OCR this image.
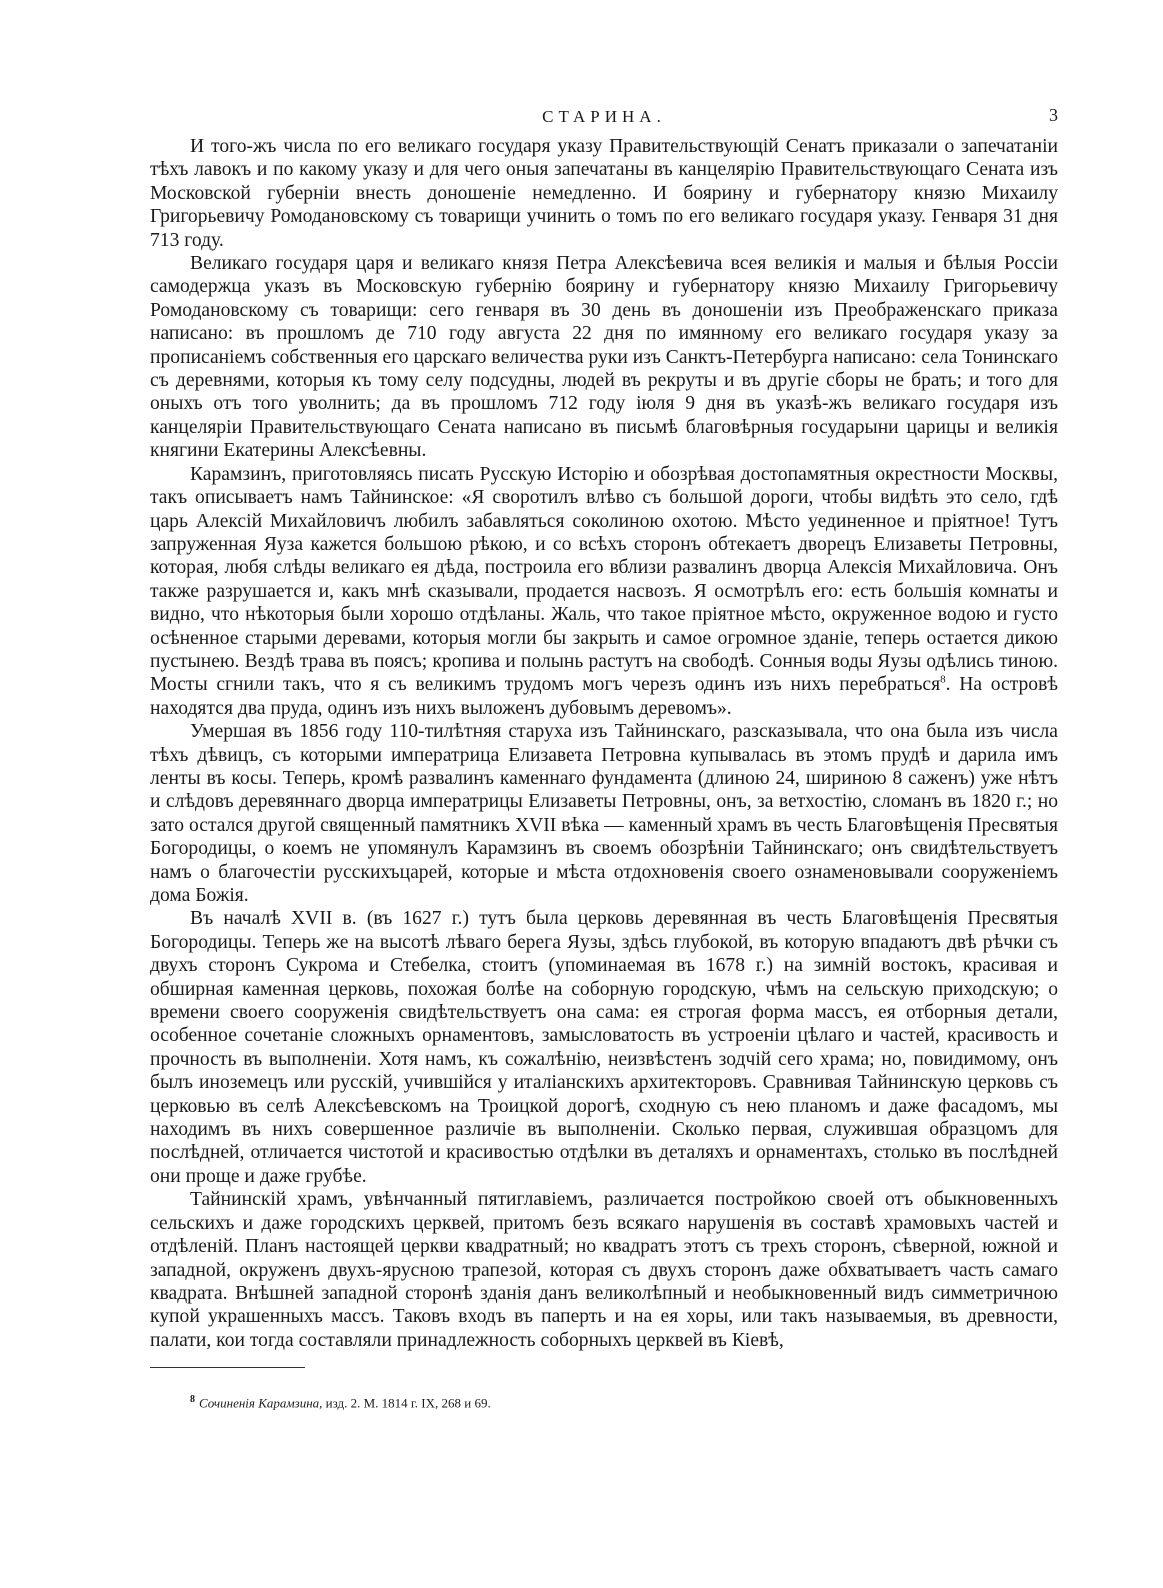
СТАРИНА.	3

И того-жъ числа по его великаго государя указу Правительствующій Сенатъ приказали о запечатаніи тѣхъ лавокъ и по какому указу и для чего оныя запечатаны въ канцелярію Правительствующаго Сената изъ Московской губерніи внесть доношеніе немедленно. И боярину и губернатору князю Михаилу Григорьевичу Ромодановскому съ товарищи учинить о томъ по его великаго государя указу. Генваря 31 дня 713 году.

Великаго государя царя и великаго князя Петра Алексѣевича всея великія и малыя и бѣлыя Россіи самодержца указъ въ Московскую губернію боярину и губернатору князю Михаилу Григорьевичу Ромодановскому съ товарищи: сего генваря въ 30 день въ доношеніи изъ Преображенскаго приказа написано: въ прошломъ де 710 году августа 22 дня по имянному его великаго государя указу за прописаніемъ собственныя его царскаго величества руки изъ Санктъ-Петербурга написано: села Тонинскаго съ деревнями, которыя къ тому селу подсудны, людей въ рекруты и въ другіе сборы не брать; и того для оныхъ отъ того уволнить; да въ прошломъ 712 году іюля 9 дня въ указѣ-жъ великаго государя изъ канцеляріи Правительствующаго Сената написано въ письмѣ благовѣрныя государыни царицы и великія княгини Екатерины Алексѣевны.

Карамзинъ, приготовляясь писать Русскую Исторію и обозрѣвая достопамятныя окрестности Москвы, такъ описываетъ намъ Тайнинское: «Я своротилъ влѣво съ большой дороги, чтобы видѣть это село, гдѣ царь Алексій Михайловичъ любилъ забавляться соколиною охотою. Мѣсто уединенное и пріятное! Тутъ запруженная Яуза кажется большою рѣкою, и со всѣхъ сторонъ обтекаетъ дворецъ Елизаветы Петровны, которая, любя слѣды великаго ея дѣда, построила его вблизи развалинъ дворца Алексія Михайловича. Онъ также разрушается и, какъ мнѣ сказывали, продается насвозъ. Я осмотрѣлъ его: есть большія комнаты и видно, что нѣкоторыя были хорошо отдѣланы. Жаль, что такое пріятное мѣсто, окруженное водою и густо осѣненное старыми деревами, которыя могли бы закрыть и самое огромное зданіе, теперь остается дикою пустынею. Вездѣ трава въ поясъ; кропива и полынь растутъ на свободѣ. Сонныя воды Яузы одѣлись тиною. Мосты сгнили такъ, что я съ великимъ трудомъ могъ черезъ одинъ изъ нихъ перебраться$^8$. На островѣ находятся два пруда, одинъ изъ нихъ выложенъ дубовымъ деревомъ».

Умершая въ 1856 году 110-тилѣтняя старуха изъ Тайнинскаго, разсказывала, что она была изъ числа тѣхъ дѣвицъ, съ которыми императрица Елизавета Петровна купывалась въ этомъ прудѣ и дарила имъ ленты въ косы. Теперь, кромѣ развалинъ каменнаго фундамента (длиною 24, шириною 8 саженъ) уже нѣтъ и слѣдовъ деревяннаго дворца императрицы Елизаветы Петровны, онъ, за ветхостію, сломанъ въ 1820 г.; но зато остался другой священный памятникъ XVII вѣка — каменный храмъ въ честь Благовѣщенія Пресвятыя Богородицы, о коемъ не упомянулъ Карамзинъ въ своемъ обозрѣніи Тайнинскаго; онъ свидѣтельствуетъ намъ о благочестіи русскихъцарей, которые и мѣста отдохновенія своего ознаменовывали сооруженіемъ дома Божія.

Въ началѣ XVII в. (въ 1627 г.) тутъ была церковь деревянная въ честь Благовѣщенія Пресвятыя Богородицы. Теперь же на высотѣ лѣваго берега Яузы, здѣсь глубокой, въ которую впадаютъ двѣ рѣчки съ двухъ сторонъ Сукрома и Стебелка, стоитъ (упоминаемая въ 1678 г.) на зимній востокъ, красивая и обширная каменная церковь, похожая болѣе на соборную городскую, чѣмъ на сельскую приходскую; о времени своего сооруженія свидѣтельствуетъ она сама: ея строгая форма массъ, ея отборныя детали, особенное сочетаніе сложныхъ орнаментовъ, замысловатость въ устроеніи цѣлаго и частей, красивость и прочность въ выполненіи. Хотя намъ, къ сожалѣнію, неизвѣстенъ зодчій сего храма; но, повидимому, онъ былъ иноземецъ или русскій, учившійся у италіанскихъ архитекторовъ. Сравнивая Тайнинскую церковь съ церковью въ селѣ Алексѣевскомъ на Троицкой дорогѣ, сходную съ нею планомъ и даже фасадомъ, мы находимъ въ нихъ совершенное различіе въ выполненіи. Сколько первая, служившая образцомъ для послѣдней, отличается чистотой и красивостью отдѣлки въ деталяхъ и орнаментахъ, столько въ послѣдней они проще и даже грубѣе.

Тайнинскій храмъ, увѣнчанный пятиглавіемъ, различается постройкою своей отъ обыкновенныхъ сельскихъ и даже городскихъ церквей, притомъ безъ всякаго нарушенія въ составѣ храмовыхъ частей и отдѣленій. Планъ настоящей церкви квадратный; но квадратъ этотъ съ трехъ сторонъ, сѣверной, южной и западной, окруженъ двухъ-ярусною трапезой, которая съ двухъ сторонъ даже обхватываетъ часть самаго квадрата. Внѣшней западной сторонѣ зданія данъ великолѣпный и необыкновенный видъ симметричною купой украшенныхъ массъ. Таковъ входъ въ паперть и на ея хоры, или такъ называемыя, въ древности, палати, кои тогда составляли принадлежность соборныхъ церквей въ Кіевѣ,

$^8$ Сочиненія Карамзина, изд. 2. М. 1814 г. IX, 268 и 69.
